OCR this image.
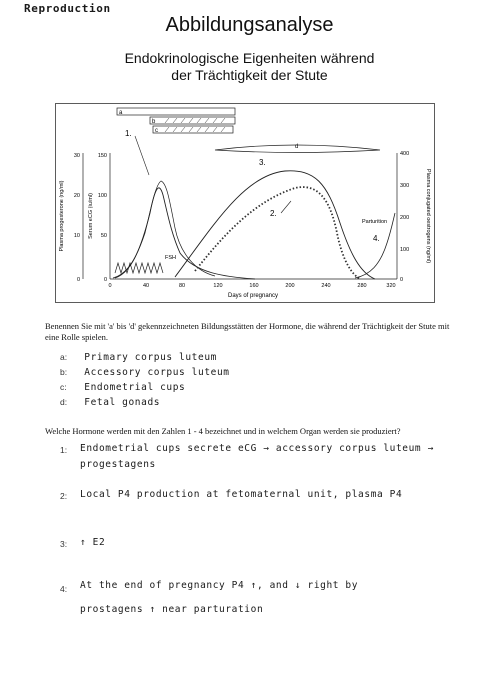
Reproduction
Abbildungsanalyse
Endokrinologische Eigenheiten während
der Trächtigkeit der Stute
a
b
c
d
30
20
10
0
150
100
50
0
400
300
200
100
0
Plasma progesterone (ng/ml)	Serum eCG (iu/ml)	Plasma conjugated oestrogens (ng/ml)
0	40	80	120	160	200	240	280	320
Days of pregnancy
FSH
1.
3.
2.
4.
Parturition
Benennen Sie mit 'a' bis 'd' gekennzeichneten Bildungsstätten der Hormone, die während der Trächtigkeit der Stute mit eine Rolle spielen.
a: Primary corpus luteum
b: Accessory corpus luteum
c: Endometrial cups
d: Fetal gonads
Welche Hormone werden mit den Zahlen 1 - 4 bezeichnet und in welchem Organ werden sie produziert?
1: Endometrial cups secrete eCG → accessory corpus luteum →
progestagens
2: Local P4 production at fetomaternal unit, plasma P4
3: ↑ E2
4: At the end of pregnancy P4 ↑, and ↓ right by
prostagens ↑ near parturation
